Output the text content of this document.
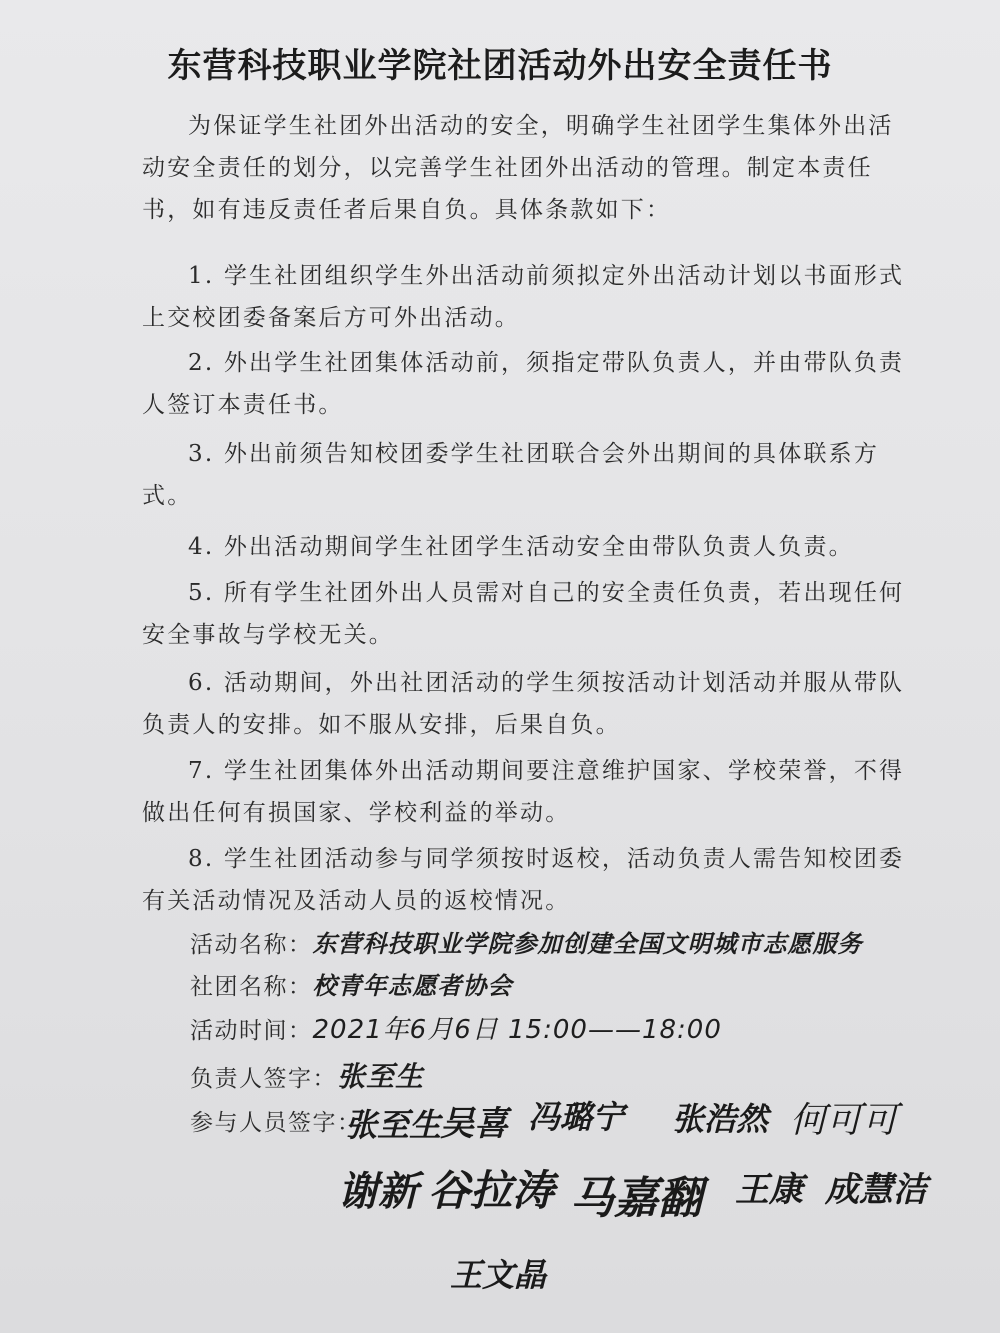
东营科技职业学院社团活动外出安全责任书
为保证学生社团外出活动的安全，明确学生社团学生集体外出活动安全责任的划分，以完善学生社团外出活动的管理。制定本责任书，如有违反责任者后果自负。具体条款如下：
1. 学生社团组织学生外出活动前须拟定外出活动计划以书面形式上交校团委备案后方可外出活动。
2. 外出学生社团集体活动前，须指定带队负责人，并由带队负责人签订本责任书。
3. 外出前须告知校团委学生社团联合会外出期间的具体联系方式。
4. 外出活动期间学生社团学生活动安全由带队负责人负责。
5. 所有学生社团外出人员需对自己的安全责任负责，若出现任何安全事故与学校无关。
6. 活动期间，外出社团活动的学生须按活动计划活动并服从带队负责人的安排。如不服从安排，后果自负。
7. 学生社团集体外出活动期间要注意维护国家、学校荣誉，不得做出任何有损国家、学校利益的举动。
8. 学生社团活动参与同学须按时返校，活动负责人需告知校团委有关活动情况及活动人员的返校情况。
活动名称：东营科技职业学院参加创建全国文明城市志愿服务
社团名称：校青年志愿者协会
活动时间：2021年6月6日 15:00——18:00
负责人签字：张至生
参与人员签字：
张至生
吴喜 冯璐宁 张浩然 何可可
谢新 谷拉涛 马嘉翻 王康 成慧洁
王文晶
